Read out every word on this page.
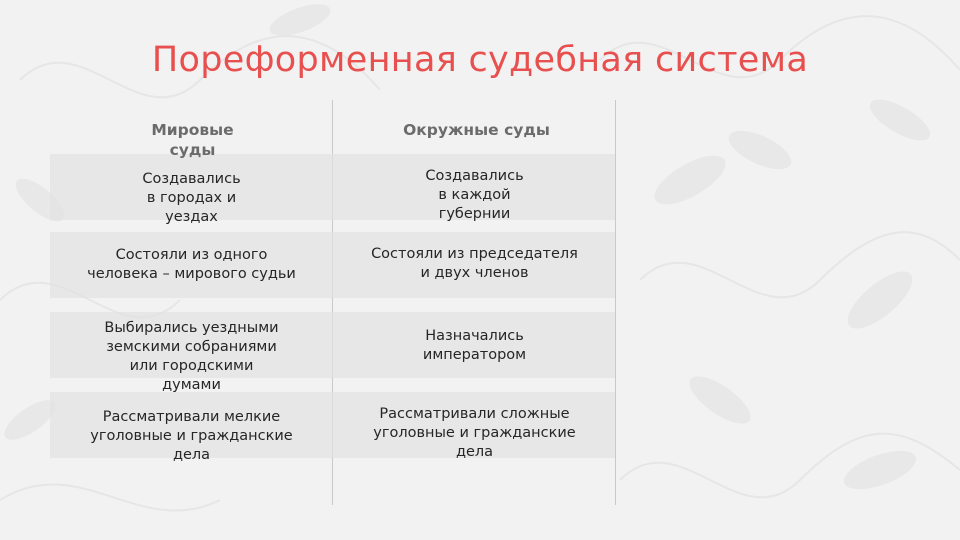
Пореформенная судебная система
Мировые
суды
Окружные суды
Создавались
в городах и
уездах
Состояли из одного
человека – мирового судьи
Выбирались уездными
земскими собраниями
или городскими
думами
Рассматривали мелкие
уголовные и гражданские
дела
Создавались
в каждой
губернии
Состояли из председателя
и двух членов
Назначались
императором
Рассматривали сложные
уголовные и гражданские
дела
